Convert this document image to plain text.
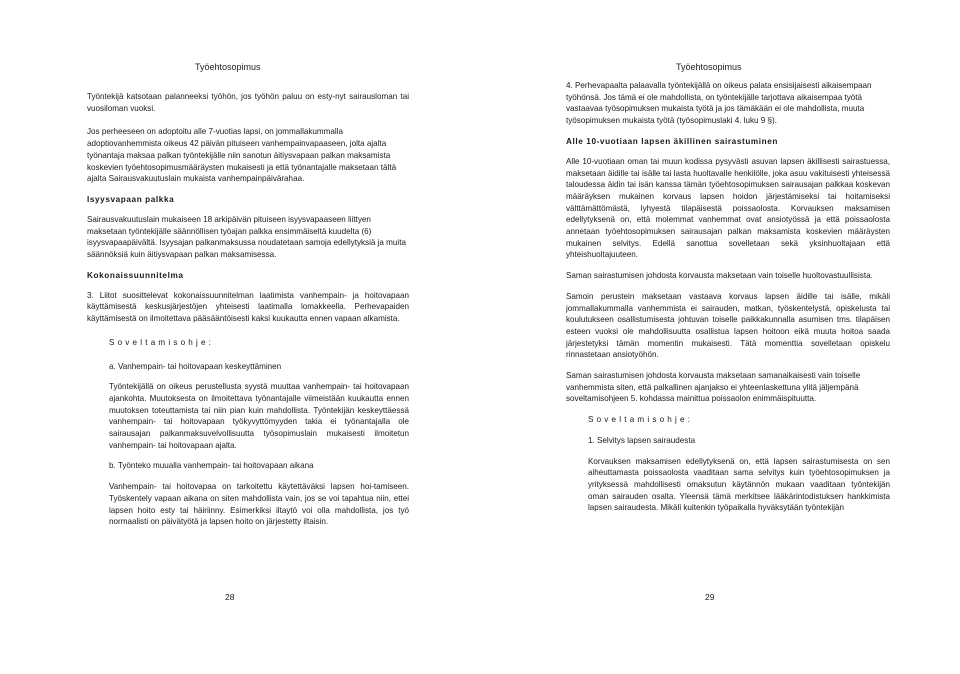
Työehtosopimus

Työntekijä katsotaan palanneeksi työhön, jos työhön paluu on esty-nyt sairausloman tai vuosiloman vuoksi.

Jos perheeseen on adoptoitu alle 7-vuotias lapsi, on jommallakummalla adoptiovanhemmista oikeus 42 päivän pituiseen vanhempainvapaaseen, jolta ajalta työnantaja maksaa palkan työntekijälle niin sanotun äitiysvapaan palkan maksamista koskevien työehtosopimusmääräysten mukaisesti ja että työnantajalle maksetaan tältä ajalta Sairausvakuutuslain mukaista vanhempainpäivärahaa.

Isyysvapaan palkka

Sairausvakuutuslain mukaiseen 18 arkipäivän pituiseen isyysvapaaseen liittyen maksetaan työntekijälle säännöllisen työajan palkka ensimmäiseltä kuudelta (6) isyysvapaapäivältä. Isyysajan palkanmaksussa noudatetaan samoja edellytyksiä ja muita säännöksiä kuin äitiysvapaan palkan maksamisessa.

Kokonaissuunnitelma

3. Liitot suosittelevat kokonaissuunnitelman laatimista vanhempain- ja hoitovapaan käyttämisestä keskusjärjestöjen yhteisesti laatimalla lomakkeella. Perhevapaiden käyttämisestä on ilmoitettava pääsääntöisesti kaksi kuukautta ennen vapaan alkamista.

Soveltamisohje:

a. Vanhempain- tai hoitovapaan keskeyttäminen

Työntekijällä on oikeus perustellusta syystä muuttaa vanhempain- tai hoitovapaan ajankohta. Muutoksesta on ilmoitettava työnantajalle viimeistään kuukautta ennen muutoksen toteuttamista tai niin pian kuin mahdollista. Työntekijän keskeyttäessä vanhempain- tai hoitovapaan työkyvyttömyyden takia ei työnantajalla ole sairausajan palkanmaksuvelvollisuutta työsopimuslain mukaisesti ilmoitetun vanhempain- tai hoitovapaan ajalta.

b. Työnteko muualla vanhempain- tai hoitovapaan aikana

Vanhempain- tai hoitovapaa on tarkoitettu käytettäväksi lapsen hoi-tamiseen. Työskentely vapaan aikana on siten mahdollista vain, jos se voi tapahtua niin, ettei lapsen hoito esty tai häiriinny. Esimerkiksi iltaytö voi olla mahdollista, jos työ normaalisti on päivätyötä ja lapsen hoito on järjestetty iltaisin.

28
Työehtosopimus

4. Perhevapaalta palaavalla työntekijällä on oikeus palata ensisijaisesti aikaisempaan työhönsä. Jos tämä ei ole mahdollista, on työntekijälle tarjottava aikaisempaa työtä vastaavaa työsopimuksen mukaista työtä ja jos tämäkään ei ole mahdollista, muuta työsopimuksen mukaista työtä (työsopimuslaki 4. luku 9 §).

Alle 10-vuotiaan lapsen äkillinen sairastuminen

Alle 10-vuotiaan oman tai muun kodissa pysyvästi asuvan lapsen äkillisesti sairastuessa, maksetaan äidille tai isälle tai lasta huoltavalle henkilölle, joka asuu vakituisesti yhteisessä taloudessa äidin tai isän kanssa tämän työehtosopimuksen sairausajan palkkaa koskevan määräyksen mukainen korvaus lapsen hoidon järjestämiseksi tai hoitamiseksi välttämättömästä, lyhyestä tilapäisestä poissaolosta. Korvauksen maksamisen edellytyksenä on, että molemmat vanhemmat ovat ansiotyössä ja että poissaolosta annetaan työehtosopimuksen sairausajan palkan maksamista koskevien määräysten mukainen selvitys. Edellä sanottua sovelletaan sekä yksinhuoltajaan että yhteishuoltajuuteen.

Saman sairastumisen johdosta korvausta maksetaan vain toiselle huoltovastuullisista.

Samoin perustein maksetaan vastaava korvaus lapsen äidille tai isälle, mikäli jommallakummalla vanhemmista ei sairauden, matkan, työskentelystä, opiskelusta tai koulutukseen osallistumisesta johtuvan toiselle paikkakunnalla asumisen tms. tilapäisen esteen vuoksi ole mahdollisuutta osallistua lapsen hoitoon eikä muuta hoitoa saada järjestetyksi tämän momentin mukaisesti. Tätä momenttia sovelletaan opiskelu rinnastetaan ansiotyöhön.

Saman sairastumisen johdosta korvausta maksetaan samanaikaisesti vain toiselle vanhemmista siten, että palkallinen ajanjakso ei yhteenlaskettuna ylitä jäljempänä soveltamisohjeen 5. kohdassa mainittua poissaolon enimmäispituutta.

Soveltamisohje:

1. Selvitys lapsen sairaudesta

Korvauksen maksamisen edellytyksenä on, että lapsen sairastumisesta on sen aiheuttamasta poissaolosta vaaditaan sama selvitys kuin työehtosopimuksen ja yrityksessä mahdollisesti omaksutun käytännön mukaan vaaditaan työntekijän oman sairauden osalta. Yleensä tämä merkitsee lääkärintodistuksen hankkimista lapsen sairaudesta. Mikäli kuitenkin työpaikalla hyväksytään työntekijän

29
